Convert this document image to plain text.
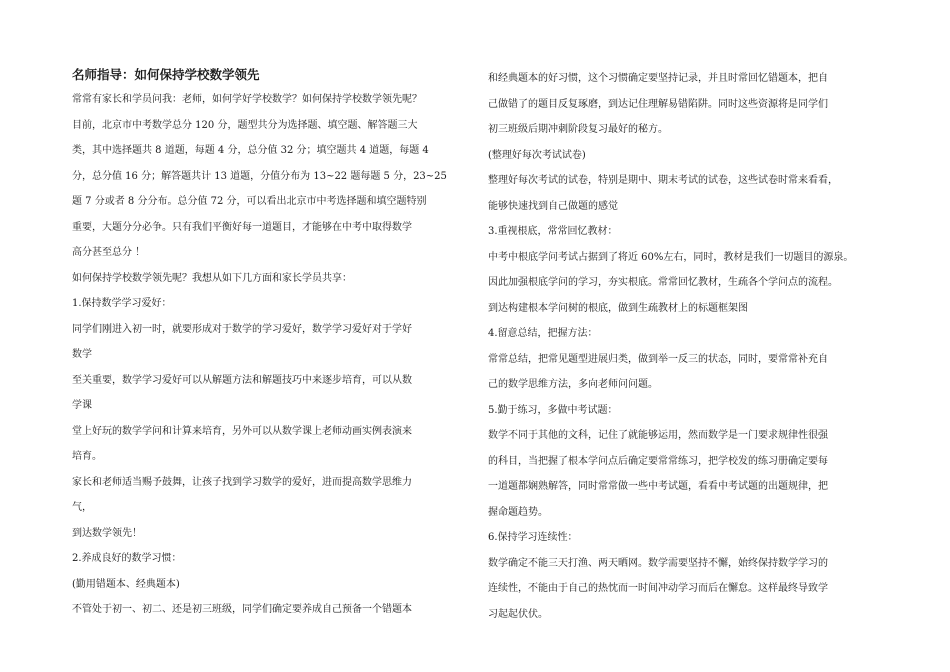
名师指导：如何保持学校数学领先

常常有家长和学员问我：老师，如何学好学校数学？如何保持学校数学领先呢？

目前，北京市中考数学总分 120 分，题型共分为选择题、填空题、解答题三大

类，其中选择题共 8 道题，每题 4 分，总分值 32 分；填空题共 4 道题，每题 4

分，总分值 16 分；解答题共计 13 道题，分值分布为 13~22 题每题 5 分，23~25

题 7 分或者 8 分分布。总分值 72 分，可以看出北京市中考选择题和填空题特别

重要，大题分分必争。只有我们平衡好每一道题目，才能够在中考中取得数学

高分甚至总分 ！

如何保持学校数学领先呢？我想从如下几方面和家长学员共享：

1.保持数学学习爱好：

同学们刚进入初一时，就要形成对于数学的学习爱好，数学学习爱好对于学好

数学

至关重要，数学学习爱好可以从解题方法和解题技巧中来逐步培育，可以从数

学课

堂上好玩的数学学问和计算来培育，另外可以从数学课上老师动画实例表演来

培育。

家长和老师适当赐予鼓舞，让孩子找到学习数学的爱好，进而提高数学思维力

气，

到达数学领先！

2.养成良好的数学习惯：

(勤用错题本、经典题本)

不管处于初一、初二、还是初三班级，同学们确定要养成自己预备一个错题本

和经典题本的好习惯，这个习惯确定要坚持记录，并且时常回忆错题本，把自

己做错了的题目反复琢磨，到达记住理解易错陷阱。同时这些资源将是同学们

初三班级后期冲刺阶段复习最好的秘方。

(整理好每次考试试卷)

整理好每次考试的试卷，特别是期中、期末考试的试卷，这些试卷时常来看看，

能够快速找到自己做题的感觉

3.重视根底，常常回忆教材：

中考中根底学问考试占据到了将近 60%左右，同时，教材是我们一切题目的源泉。

因此加强根底学问的学习，夯实根底。常常回忆教材，生疏各个学问点的流程。

到达构建根本学问树的根底，做到生疏教材上的标题框架图

4.留意总结，把握方法：

常常总结，把常见题型进展归类，做到举一反三的状态，同时，要常常补充自

己的数学思维方法，多向老师问问题。

5.勤于练习，多做中考试题：

数学不同于其他的文科，记住了就能够运用，然而数学是一门要求规律性很强

的科目，当把握了根本学问点后确定要常常练习，把学校发的练习册确定要每

一道题都娴熟解答，同时常常做一些中考试题，看看中考试题的出题规律，把

握命题趋势。

6.保持学习连续性：

数学确定不能三天打渔、两天晒网。数学需要坚持不懈，始终保持数学学习的

连续性，不能由于自己的热忱而一时间冲动学习而后在懈怠。这样最终导致学

习起起伏伏。
